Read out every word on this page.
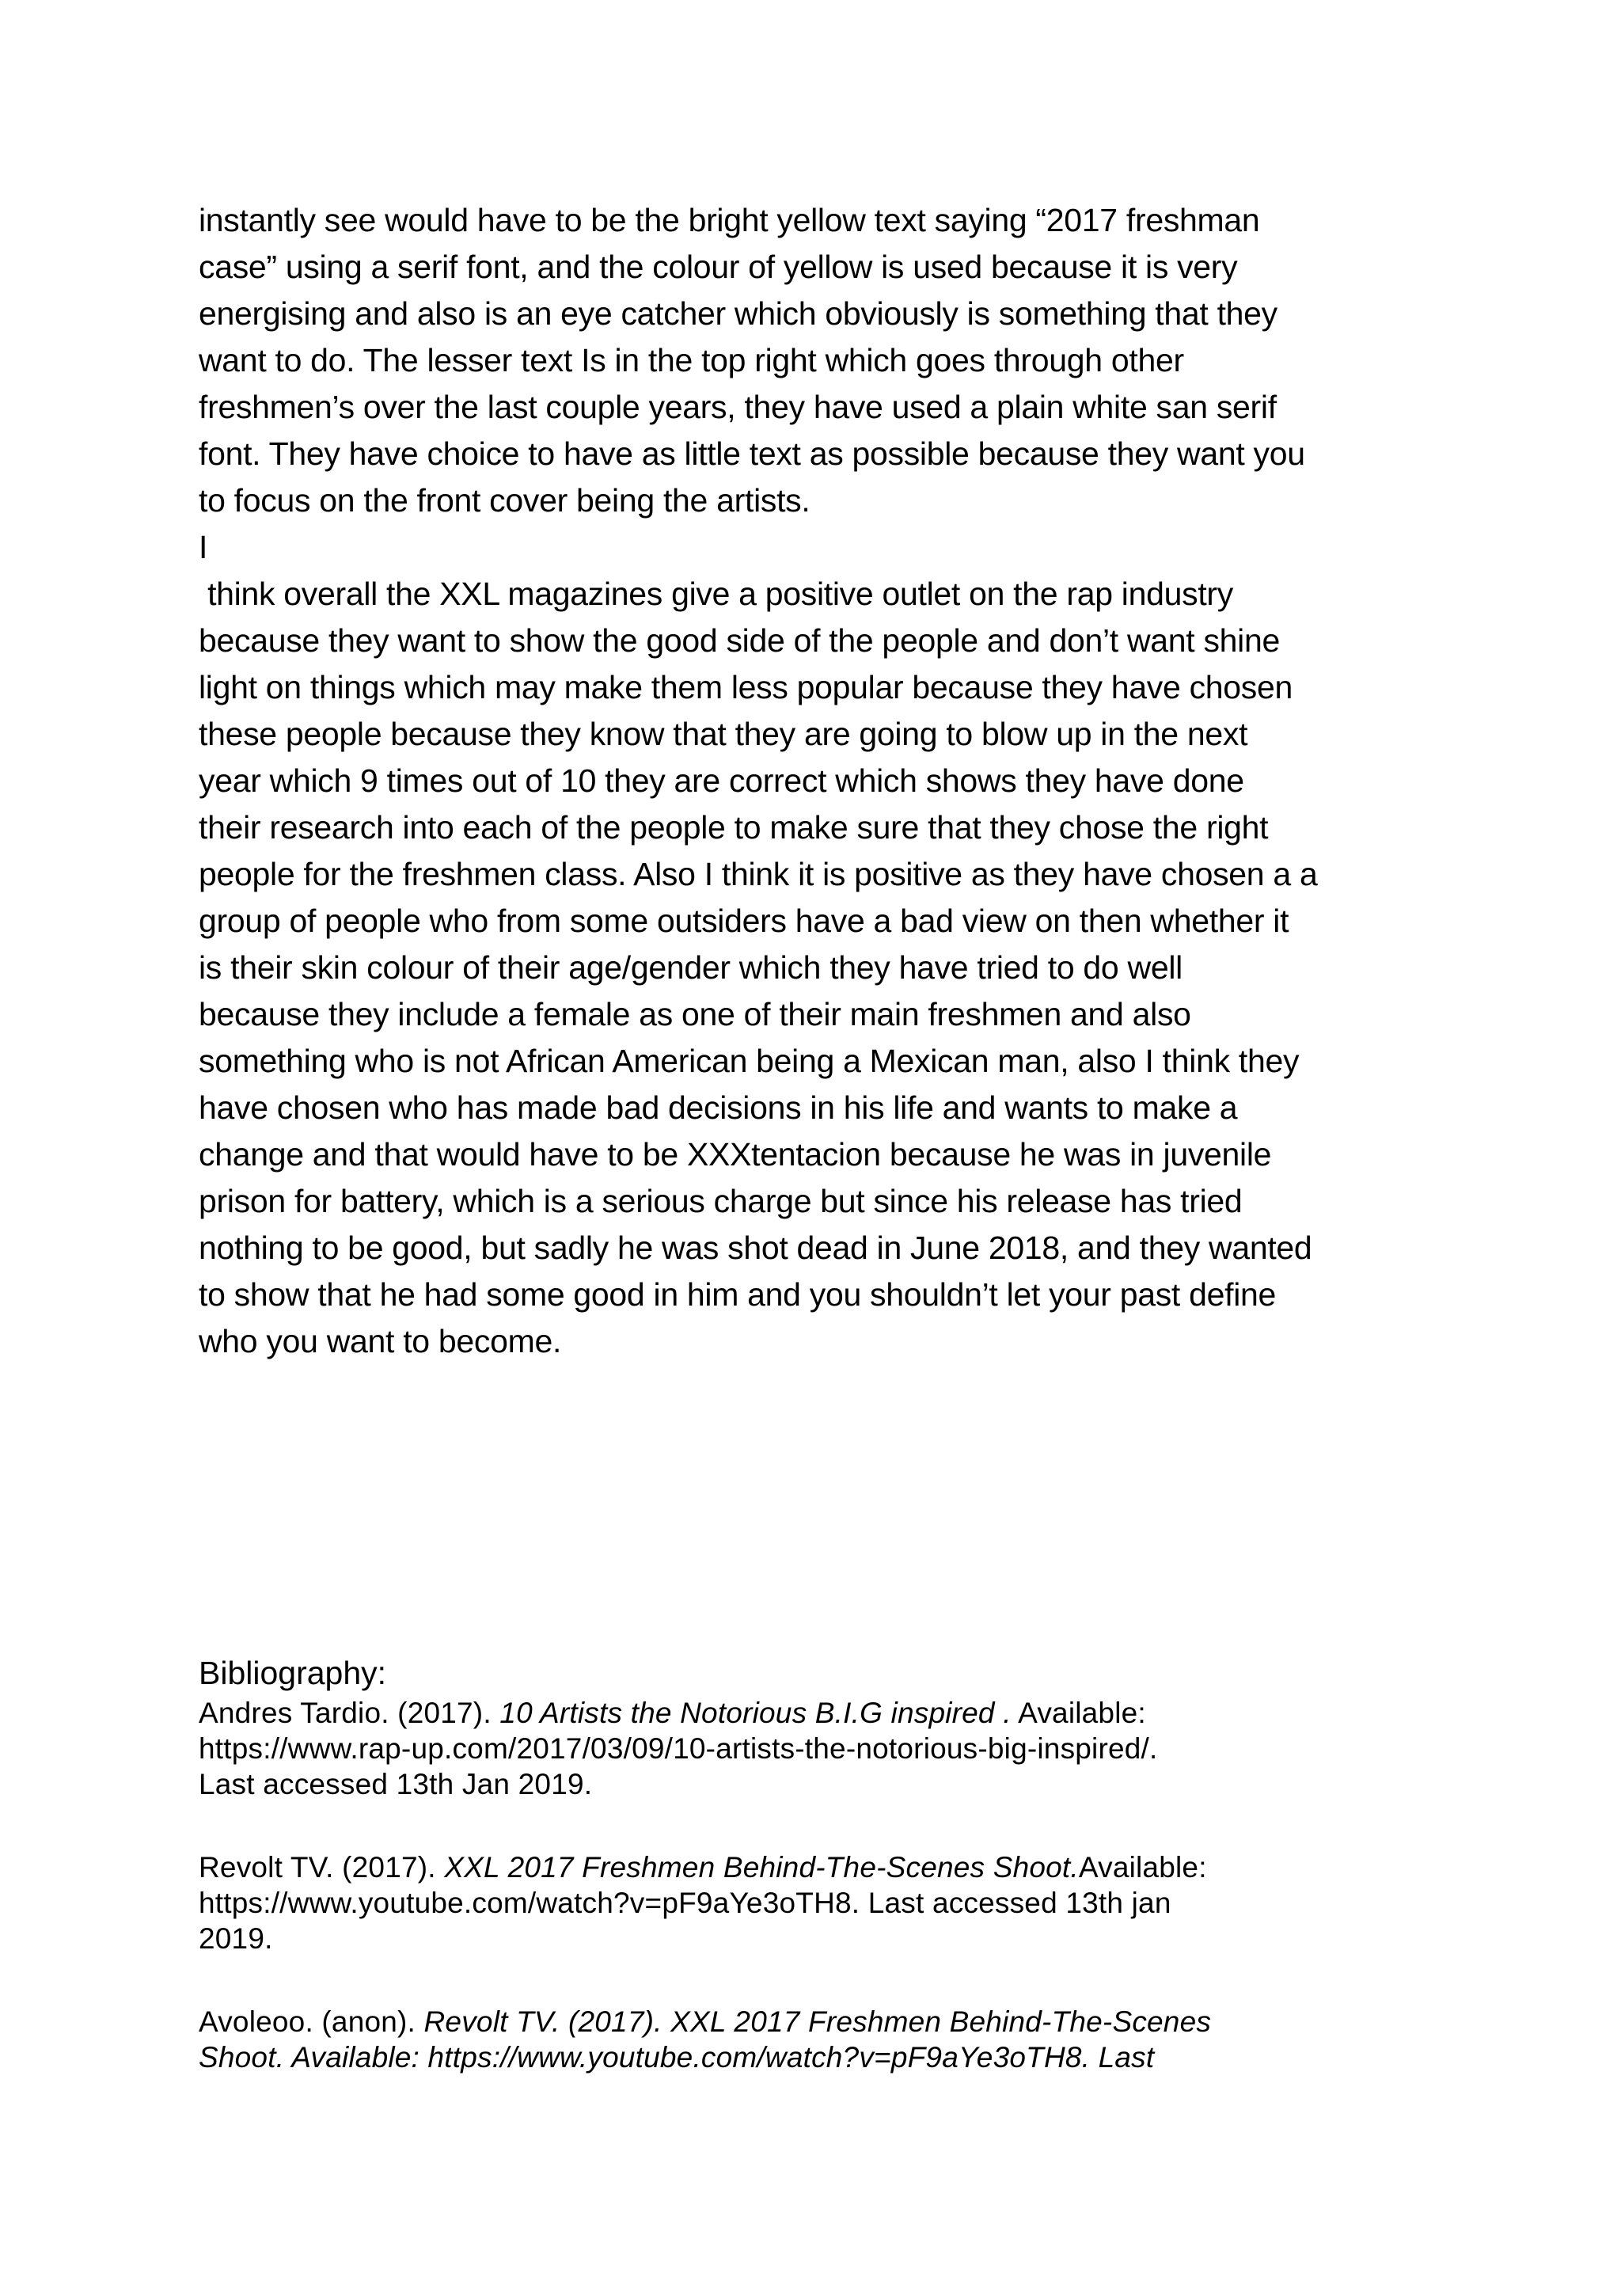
instantly see would have to be the bright yellow text saying “2017 freshman
case” using a serif font, and the colour of yellow is used because it is very
energising and also is an eye catcher which obviously is something that they
want to do. The lesser text Is in the top right which goes through other
freshmen’s over the last couple years, they have used a plain white san serif
font. They have choice to have as little text as possible because they want you
to focus on the front cover being the artists.
I
think overall the XXL magazines give a positive outlet on the rap industry
because they want to show the good side of the people and don’t want shine
light on things which may make them less popular because they have chosen
these people because they know that they are going to blow up in the next
year which 9 times out of 10 they are correct which shows they have done
their research into each of the people to make sure that they chose the right
people for the freshmen class. Also I think it is positive as they have chosen a a
group of people who from some outsiders have a bad view on then whether it
is their skin colour of their age/gender which they have tried to do well
because they include a female as one of their main freshmen and also
something who is not African American being a Mexican man, also I think they
have chosen who has made bad decisions in his life and wants to make a
change and that would have to be XXXtentacion because he was in juvenile
prison for battery, which is a serious charge but since his release has tried
nothing to be good, but sadly he was shot dead in June 2018, and they wanted
to show that he had some good in him and you shouldn’t let your past define
who you want to become.
Bibliography:
Andres Tardio. (2017). 10 Artists the Notorious B.I.G inspired . Available:
https://www.rap-up.com/2017/03/09/10-artists-the-notorious-big-inspired/.
Last accessed 13th Jan 2019.
Revolt TV. (2017). XXL 2017 Freshmen Behind-The-Scenes Shoot.Available:
https://www.youtube.com/watch?v=pF9aYe3oTH8. Last accessed 13th jan
2019.
Avoleoo. (anon). Revolt TV. (2017). XXL 2017 Freshmen Behind-The-Scenes
Shoot. Available: https://www.youtube.com/watch?v=pF9aYe3oTH8. Last
